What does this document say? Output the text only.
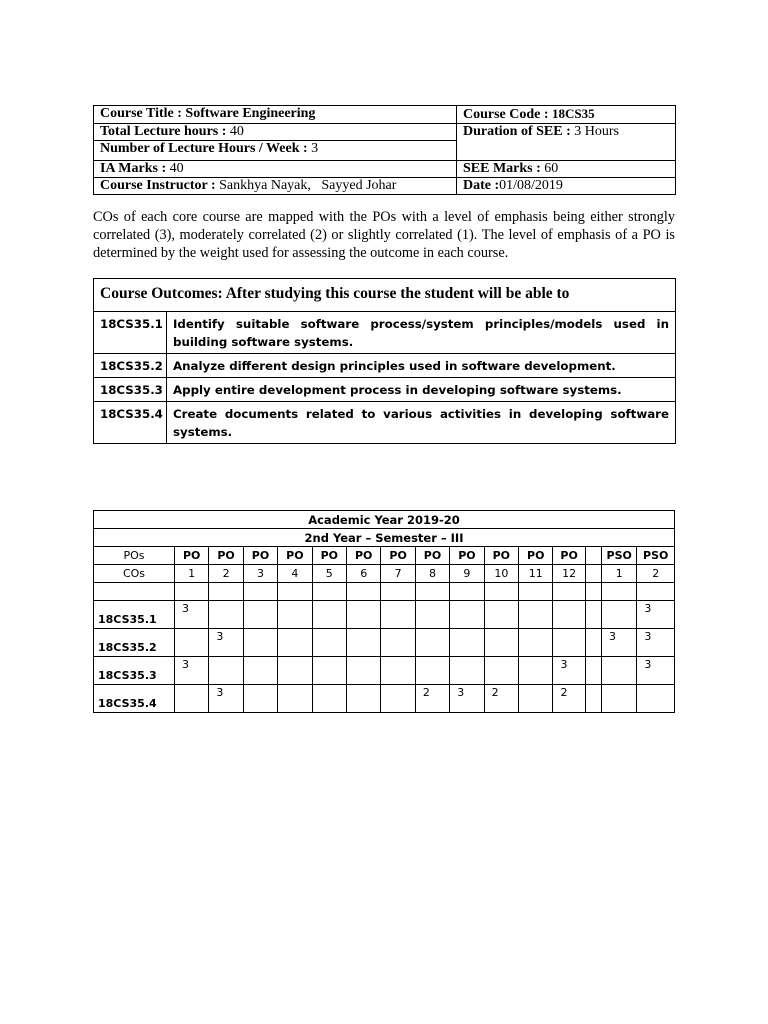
Course Title : Software Engineering	Course Code : 18CS35
Total Lecture hours : 40	Duration of SEE : 3 Hours
Number of Lecture Hours / Week : 3	
IA Marks : 40	SEE Marks : 60
Course Instructor : Sankhya Nayak,   Sayyed Johar	Date :01/08/2019

COs of each core course are mapped with the POs with a level of emphasis being either strongly correlated (3), moderately correlated (2) or slightly correlated (1). The level of emphasis of a PO is determined by the weight used for assessing the outcome in each course.

Course Outcomes: After studying this course the student will be able to	
18CS35.1	Identify suitable software process/system principles/models used in building software systems.
18CS35.2	Analyze different design principles used in software development.
18CS35.3	Apply entire development process in developing software systems.
18CS35.4	Create documents related to various activities in developing software systems.
Academic Year 2019-20															
2nd Year – Semester – III															
POs	PO	PO	PO	PO	PO	PO	PO	PO	PO	PO	PO	PO		PSO	PSO
COs	1	2	3	4	5	6	7	8	9	10	11	12		1	2

18CS35.1	3														3
18CS35.2		3												3	3
18CS35.3	3											3			3
18CS35.4		3						2	3	2		2			
